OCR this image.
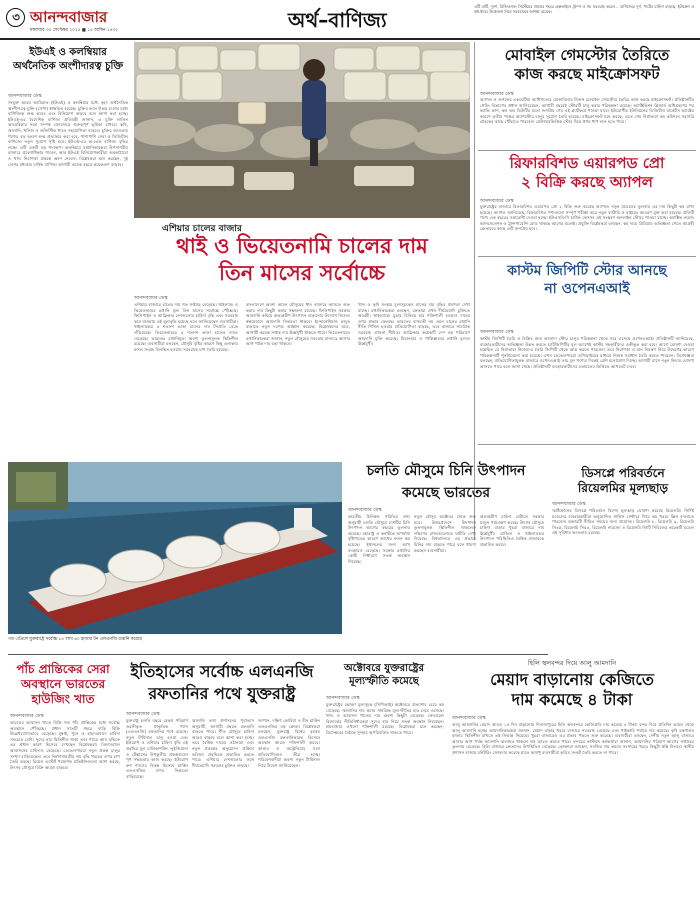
৩ আনন্দবাজার
মঙ্গলবার ৩০ সেপ্টেম্বর ২০২৫ ■ ১৫ আশ্বিন ১৪৩২	অর্থ–বাণিজ্য
এটি মাটি, দূষণ, রিজিওনাল সিস্টেমের প্রভাবে শহরে হেল্পলাইনে ট্রাম্প ও গম সরবরাহ করেন… বাণিজ্যের দূর্গ, পাটের চাহিদা বাড়ছে, ইউক্রেন ও মধ্যপ্রাচ্যে উত্তেজনা নিয়ে সরবরাহের আশঙ্কা রয়েছে।
ইউএই ও কলম্বিয়ার অর্থনৈতিক অংশীদারত্ব চুক্তি
আনন্দবাজার ডেস্ক
সংযুক্ত আরব আমিরাত (ইউএই) ও কলম্বিয়ার মধ্যে বৃহৎ অর্থনৈতিক অংশীদারত্ব চুক্তি (সেপা) স্বাক্ষরিত হয়েছে। চুক্তির ফলে উভয় দেশের মধ্যে বাণিজ্যিক শুল্ক কমবে এবং বিনিয়োগ বাড়বে বলে আশা করা হচ্ছে। ইউএই-এর বৈদেশিক বাণিজ্য প্রতিমন্ত্রী জানান, এ চুক্তি লাতিন আমেরিকার সঙ্গে সম্পর্ক জোরদারে গুরুত্বপূর্ণ ভূমিকা রাখবে। কৃষি, জ্বালানি, খনিজ ও লজিস্টিক খাতে সহযোগিতা বাড়বে। চুক্তির আওতায় পণ্যের বড় অংশে শুল্ক প্রত্যাহার করা হবে, পাশাপাশি সেবা ও ডিজিটাল বাণিজ্যে নতুন সুযোগ সৃষ্টি হবে। ইউএই-এর অ-তেল বাণিজ্য বৃদ্ধির লক্ষ্যে এটি একটি বড় পদক্ষেপ। কলম্বিয়ার রপ্তানিকারকরা উপসাগরীয় বাজারে প্রবেশাধিকার পাবেন, আর ইউএই বিনিয়োগকারীরা অবকাঠামো ও খাদ্য নিরাপত্তা প্রকল্পে অংশ নেবেন। বিশ্লেষকরা মনে করছেন, দুই দেশের মধ্যকার বার্ষিক বাণিজ্য আগামী কয়েক বছরে কয়েকগুণ বাড়বে।
এশিয়ার চালের বাজার
থাই ও ভিয়েতনামি চালের দাম
তিন মাসের সর্বোচ্চে
আনন্দবাজার ডেস্ক
এশিয়ার বাজারে চালের দাম গত সপ্তাহে বেড়েছে। থাইল্যান্ড ও ভিয়েতনামের রপ্তানি মূল্য তিন মাসের সর্বোচ্চে পৌঁছেছে। ফিলিপাইন ও আফ্রিকার দেশগুলোর চাহিদা বৃদ্ধি এবং সরবরাহ কমে যাওয়ায় এই মূল্যবৃদ্ধি হয়েছে বলে জানিয়েছেন ব্যবসায়ীরা। থাইল্যান্ডের ৫ শতাংশ ভাঙা চালের দাম টনপ্রতি বেড়ে দাঁড়িয়েছে। ভিয়েতনামের ৫ শতাংশ ভাঙা চালের দামও বেড়েছে। ভারতের রপ্তানিমূল্য অবশ্য তুলনামূলক স্থিতিশীল রয়েছে। ব্যবসায়ীরা বলছেন, মৌসুমি বৃষ্টির কারণে কিছু এলাকায় ফসল সংগ্রহ বিলম্বিত হওয়ায় সরবরাহে চাপ তৈরি হয়েছে।
বাংলাদেশে অবশ্য আমন মৌসুমের ধান বাজারে আসতে শুরু করায় দাম কিছুটা কমার সম্ভাবনা রয়েছে। ফিলিপাইন সরকার আমদানি কমিয়ে অভ্যন্তরীণ উৎপাদন বাড়ানোর উদ্যোগ নিলেও স্বল্পমেয়াদে আমদানি নির্ভরতা থাকবে। ইন্দোনেশিয়াও মজুত বাড়াতে নতুন দরপত্র আহ্বান করেছে। বিশ্লেষকদের মতে, আগামী কয়েক সপ্তাহ দাম ঊর্ধ্বমুখী থাকতে পারে। ভিয়েতনামের রপ্তানিকারকরা জানান, নতুন মৌসুমের সরবরাহ বাজারে আসার আগ পর্যন্ত দাম চড়া থাকবে।
খাদ্য ও কৃষি সংস্থার মূল্যসূচকেও চালের দাম বৃদ্ধির প্রবণতা দেখা যাচ্ছে। রপ্তানিকারকরা বলছেন, ক্রেতারা এখন দীর্ঘমেয়াদি চুক্তিতে আগ্রহী। থাইল্যান্ডে মুদ্রার বিনিময় হার শক্তিশালী হওয়াও দামের ওপর প্রভাব ফেলছে। ভারতের বাসমতী নয় এমন চালের রপ্তানি নীতি শিথিল হওয়ায় প্রতিযোগিতা বাড়ছে, তবে বাজারে সামগ্রিক সরবরাহ এখনো সীমিত। আফ্রিকার কয়েকটি দেশ বড় পরিমাণে আমদানি চুক্তি করেছে। মিয়ানমার ও পাকিস্তানের রপ্তানি মূল্যও ঊর্ধ্বমুখী।
মোবাইল গেমস্টোর তৈরিতে
কাজ করছে মাইক্রোসফট
আনন্দবাজার ডেস্ক
অ্যাপল ও গুগলের একচেটিয়া আধিপত্যের মোকাবিলায় নিজস্ব মোবাইল গেমস্টোর তৈরির কাজ করছে মাইক্রোসফট। প্রতিষ্ঠানটির গেমিং বিভাগের প্রধান জানিয়েছেন, আগামী বছরেই স্টোরটি চালু করার পরিকল্পনা রয়েছে। অ্যাক্টিভিশন ব্লিজার্ড অধিগ্রহণের পর ক্যান্ডি ক্রাশ, কল অব ডিউটির মতো জনপ্রিয় গেম এই প্ল্যাটফর্মে পাওয়া যাবে। ইউরোপীয় ইউনিয়নের ডিজিটাল মার্কেটস অ্যাক্টের কারণে তৃতীয় পক্ষের অ্যাপস্টোর চালুর সুযোগ তৈরি হয়েছে। মাইক্রোসফট মনে করছে, এতে গেম নির্মাতারা কম কমিশনে সরাসরি গ্রাহকের কাছে পৌঁছাতে পারবেন। ব্রাউজারভিত্তিক স্টোর দিয়ে প্রথম ধাপ শুরু হতে পারে।
রিফারবিশড এয়ারপড প্রো
২ বিক্রি করছে অ্যাপল
আনন্দবাজার ডেস্ক
যুক্তরাষ্ট্রের বাজারে রিফারবিশড এয়ারপড প্রো ২ বিক্রি শুরু করেছে অ্যাপল। নতুন মডেলের তুলনায় এর দাম কিছুটা কম রাখা হয়েছে। অ্যাপল জানিয়েছে, রিফারবিশড পণ্যগুলো সম্পূর্ণ পরীক্ষা করে নতুন ব্যাটারি ও বাইরের আবরণ যুক্ত করা হয়েছে। প্রতিটি পণ্যে এক বছরের ওয়ারেন্টি দেওয়া হচ্ছে। ইউএসবি-সি চার্জিং কেসসহ এই সংস্করণ অনলাইন স্টোরে পাওয়া যাচ্ছে। অ্যাক্টিভ নয়েজ ক্যানসেলেশন ও ট্রান্সপারেন্সি মোড থাকছে আগের মতোই। প্রযুক্তি বিশ্লেষকরা বলছেন, কম দামে প্রিমিয়াম অভিজ্ঞতা পেতে আগ্রহী ক্রেতাদের কাছে এটি জনপ্রিয় হবে।
কাস্টম জিপিটি স্টোর আনছে
না ওপেনএআই
আনন্দবাজার ডেস্ক
কাস্টম জিপিটি তৈরি ও বিক্রির জন্য আলাদা স্টোর চালুর পরিকল্পনা থেকে সরে এসেছে ওপেনএআই। প্রতিষ্ঠানটি জানিয়েছে, ব্যবহারকারীদের অভিজ্ঞতা উন্নত করতে চ্যাটজিপিটির মূল অ্যাপেই কাস্টম সহকারীদের একীভূত করা হবে। আগে ঘোষণা দেওয়া হয়েছিল যে নির্মাতারা নিজেদের তৈরি জিপিটি থেকে আয় করতে পারবেন। তবে নিরাপত্তা ও মান নিয়ন্ত্রণ নিয়ে উদ্বেগের কারণে পরিকল্পনাটি পুনর্বিবেচনা করা হয়েছে। এখন ডেভেলপাররা এপিআইয়ের মাধ্যমে নিজস্ব সমাধান তৈরি করতে পারবেন। বিশেষজ্ঞরা বলছেন, প্রতিযোগিতামূলক বাজারে ওপেনএআই তার মূল পণ্যের দিকেই বেশি মনোযোগ দিচ্ছে। আগামী মাসে নতুন ফিচার ঘোষণা আসতে পারে বলে জানা গেছে। প্রতিষ্ঠানটি ব্যবহারকারীদের মতামতের ভিত্তিতে আপডেট দেবে।
ডিসপ্লে পরিবর্তনে
রিয়েলমির মূল্যছাড়
আনন্দবাজার ডেস্ক
স্মার্টফোনের ডিসপ্লে পরিবর্তনে বিশেষ মূল্যছাড় ঘোষণা করেছে রিয়েলমি। নির্দিষ্ট মডেলের ব্যবহারকারীরা অনুমোদিত সার্ভিস সেন্টারে গিয়ে কম খরচে স্ক্রিন বদলাতে পারবেন। অফারটি সীমিত সময়ের জন্য প্রযোজ্য। রিয়েলমি ৮, রিয়েলমি ৯, রিয়েলমি সি৩৫, রিয়েলমি সি৫৫, রিয়েলমি নারজো ও রিয়েলমি জিটি সিরিজের কয়েকটি মডেল এই সুবিধার আওতায় রয়েছে।
গত এপ্রিলে যুক্তরাষ্ট্রে সর্বোচ্চ ৮৫ লাখ ৬০ হাজার টন এলএনজি রপ্তানি করেছে
চলতি মৌসুমে চিনি উৎপাদন
কমেছে ভারতের
আনন্দবাজার ডেস্ক
ভারতীয় চিনিকল সমিতির তথ্য অনুযায়ী চলতি মৌসুমে দেশটির চিনি উৎপাদন আগের বছরের তুলনায় কমেছে। মহারাষ্ট্র ও কর্নাটকে অপর্যাপ্ত বৃষ্টিপাতের কারণে আখের ফলন কম হয়েছে। ইথানলের জন্য আখ ব্যবহারও বেড়েছে। সরকার রপ্তানির কোটা নির্ধারণে সতর্ক অবস্থান নিয়েছে।
নতুন মৌসুম অক্টোবর থেকে শুরু হবে। উত্তরপ্রদেশে উৎপাদন তুলনামূলক স্থিতিশীল থাকলেও দক্ষিণের রাজ্যগুলোতে ঘাটতি দেখা দিয়েছে। বিশ্ববাজারে এর প্রভাবে চিনির দাম বাড়তে পারে বলে ধারণা করছেন ব্যবসায়ীরা।
অভ্যন্তরীণ চাহিদা মেটাতে সরকার মজুত পর্যবেক্ষণ করছে। উৎসব মৌসুমে চাহিদা বাড়ায় খুচরা বাজারে দাম ঊর্ধ্বমুখী। ব্রাজিল ও থাইল্যান্ডের উৎপাদন পরিস্থিতিও বৈশ্বিক বাজারকে প্রভাবিত করবে।
পাঁচ প্রান্তিকের সেরা
অবস্থানে ভারতের
হাউজিং খাত
আনন্দবাজার ডেস্ক
ভারতের আবাসন খাতে বিক্রি গত পাঁচ প্রান্তিকের মধ্যে সর্বোচ্চ অবস্থানে পৌঁছেছে। প্রধান সাতটি শহরে বাড়ি বিক্রি উল্লেখযোগ্যভাবে বেড়েছে। মুম্বাই, পুনে ও হায়দরাবাদে চাহিদা সবচেয়ে বেশি। সুদের হার স্থিতিশীল থাকা এবং শহুরে আয় বৃদ্ধিকে এর প্রধান কারণ হিসেবে দেখছেন বিশ্লেষকরা। বিলাসবহুল আবাসনের চাহিদাও বেড়েছে। ডেভেলপাররা নতুন প্রকল্প চালুর সংখ্যা বাড়িয়েছেন। তবে নির্মাণসামগ্রীর দাম বৃদ্ধি খরচের ওপর চাপ তৈরি করছে। রিয়েল এস্টেট পরামর্শক প্রতিষ্ঠানগুলো আশা করছে, উৎসব মৌসুমে বিক্রি আরও বাড়বে।
ইতিহাসের সর্বোচ্চ এলএনজি
রফতানির পথে যুক্তরাষ্ট্র
আনন্দবাজার ডেস্ক
যুক্তরাষ্ট্র চলতি বছরে রেকর্ড পরিমাণ তরলীকৃত প্রাকৃতিক গ্যাস (এলএনজি) রফতানির পথে রয়েছে। নতুন টার্মিনাল চালু হওয়া এবং ইউরোপ ও এশিয়ার চাহিদা বৃদ্ধি এই প্রবৃদ্ধির মূল চালিকাশক্তি। লুইজিয়ানা ও টেক্সাসের উপকূলীয় প্রকল্পগুলো পূর্ণ সক্ষমতায় কাজ করছে। ইউরোপ রুশ গ্যাসের বিকল্প হিসেবে মার্কিন এলএনজির ওপর নির্ভরতা বাড়িয়েছে।
জ্বালানি তথ্য প্রশাসনের পূর্বাভাস অনুযায়ী, আগামী বছরও রফতানি বাড়তে পারে। শীত মৌসুমে চাহিদা আরও বাড়বে বলে আশা করা হচ্ছে। তবে বৈশ্বিক দামের ওঠানামা এবং নতুন প্রকল্পের অনুমোদন প্রক্রিয়া ভবিষ্যৎ প্রবৃদ্ধিকে প্রভাবিত করতে পারে। এশিয়ার দেশগুলোর সঙ্গে দীর্ঘমেয়াদি সরবরাহ চুক্তিও বাড়ছে।
জাপান, দক্ষিণ কোরিয়া ও চীন মার্কিন এলএনজির বড় ক্রেতা। বিশ্লেষকরা বলছেন, যুক্তরাষ্ট্র বিশ্বের বৃহত্তম এলএনজি রফতানিকারক হিসেবে অবস্থান আরও শক্তিশালী করবে। কাতার ও অস্ট্রেলিয়ার সঙ্গে প্রতিযোগিতাও তীব্র হচ্ছে। পরিবেশবাদীরা অবশ্য নতুন টার্মিনাল নিয়ে উদ্বেগ জানিয়েছেন।
অক্টোবরে যুক্তরাষ্ট্রের
মূল্যস্ফীতি কমেছে
আনন্দবাজার ডেস্ক
যুক্তরাষ্ট্রের ভোক্তা মূল্যসূচক (সিপিআই) অক্টোবরে প্রত্যাশার চেয়ে কম বেড়েছে। জ্বালানির দাম কমায় সামগ্রিক মূল্যস্ফীতির হার নেমে এসেছে। খাদ্য ও আবাসন খাতের দাম অবশ্য কিছুটা বেড়েছে। ফেডারেল রিজার্ভের নীতিনির্ধারকরা সুদের হার নিয়ে সতর্ক অবস্থান নিয়েছেন। শ্রমবাজার এখনো শক্তিশালী রয়েছে। বিশ্লেষকরা মনে করছেন, ডিসেম্বরের বৈঠকে সুদহার অপরিবর্তিত থাকতে পারে।
হিলি স্থলবন্দর দিয়ে আলু আমদানি
মেয়াদ বাড়ানোয় কেজিতে
দাম কমেছে ৪ টাকা
আনন্দবাজার ডেস্ক
আলু আমদানির মেয়াদ আরও ১৫ দিন বাড়ানোয় দিনাজপুরের হিলি স্থলবন্দরে কেজিপ্রতি দাম কমেছে ৪ টাকা। বন্দর দিয়ে প্রতিদিন ভারত থেকে আলু আমদানি হচ্ছে। আমদানিকারকরা জানান, মেয়াদ বাড়ার খবরে বাজারে সরবরাহ বেড়েছে এবং পাইকারি পর্যায়ে দাম কমেছে। কৃষি মন্ত্রণালয় বাজার স্থিতিশীল রাখতে এই সিদ্ধান্ত নিয়েছে। খুচরা বাজারেও এর প্রভাব পড়তে শুরু করেছে। ব্যবসায়ীরা বলছেন, দেশীয় নতুন আলু বাজারে আসার আগ পর্যন্ত আমদানি অব্যাহত থাকলে দাম আরও কমতে পারে। বন্দরের কাস্টমস কর্মকর্তারা জানান, আমদানির পরিমাণ আগের সপ্তাহের তুলনায় বেড়েছে। হিলি বাজারে ক্রেতাদের উপস্থিতিও বেড়েছে। ভোক্তারা বলছেন, সবজির দাম কমলে সংসারের খরচে কিছুটা স্বস্তি মিলবে। স্থানীয় প্রশাসন বাজার মনিটরিং জোরদার করেছে যাতে অসাধু ব্যবসায়ীরা কৃত্রিম সংকট তৈরি করতে না পারে।
